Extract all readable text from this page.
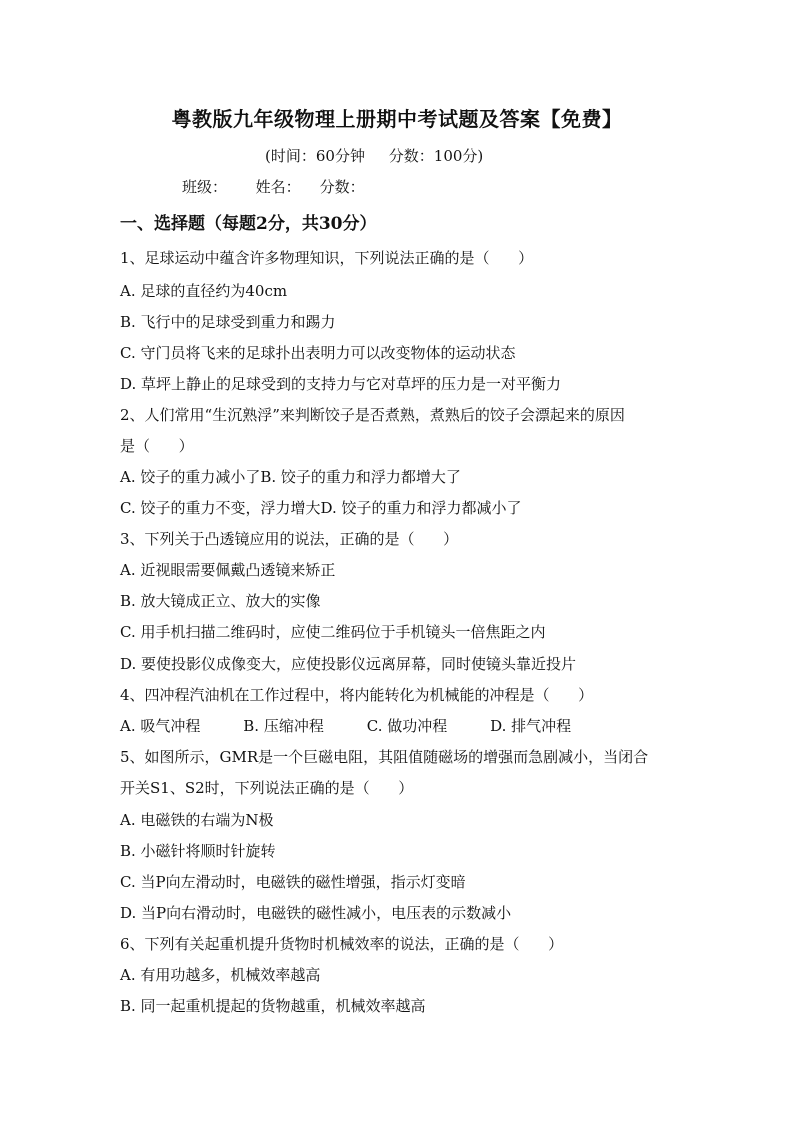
粤教版九年级物理上册期中考试题及答案【免费】
(时间：60分钟     分数：100分)
班级：      姓名：    分数：
一、选择题（每题2分，共30分）
1、足球运动中蕴含许多物理知识，下列说法正确的是（      ）
A. 足球的直径约为40cm
B. 飞行中的足球受到重力和踢力
C. 守门员将飞来的足球扑出表明力可以改变物体的运动状态
D. 草坪上静止的足球受到的支持力与它对草坪的压力是一对平衡力
2、人们常用“生沉熟浮”来判断饺子是否煮熟，煮熟后的饺子会漂起来的原因
是（      ）
A. 饺子的重力减小了B. 饺子的重力和浮力都增大了
C. 饺子的重力不变，浮力增大D. 饺子的重力和浮力都减小了
3、下列关于凸透镜应用的说法，正确的是（      ）
A. 近视眼需要佩戴凸透镜来矫正
B. 放大镜成正立、放大的实像
C. 用手机扫描二维码时，应使二维码位于手机镜头一倍焦距之内
D. 要使投影仪成像变大，应使投影仪远离屏幕，同时使镜头靠近投片
4、四冲程汽油机在工作过程中，将内能转化为机械能的冲程是（      ）
A. 吸气冲程         B. 压缩冲程         C. 做功冲程         D. 排气冲程
5、如图所示，GMR是一个巨磁电阻，其阻值随磁场的增强而急剧减小，当闭合
开关S1、S2时，下列说法正确的是（      ）
A. 电磁铁的右端为N极
B. 小磁针将顺时针旋转
C. 当P向左滑动时，电磁铁的磁性增强，指示灯变暗
D. 当P向右滑动时，电磁铁的磁性减小，电压表的示数减小
6、下列有关起重机提升货物时机械效率的说法，正确的是（      ）
A. 有用功越多，机械效率越高
B. 同一起重机提起的货物越重，机械效率越高
